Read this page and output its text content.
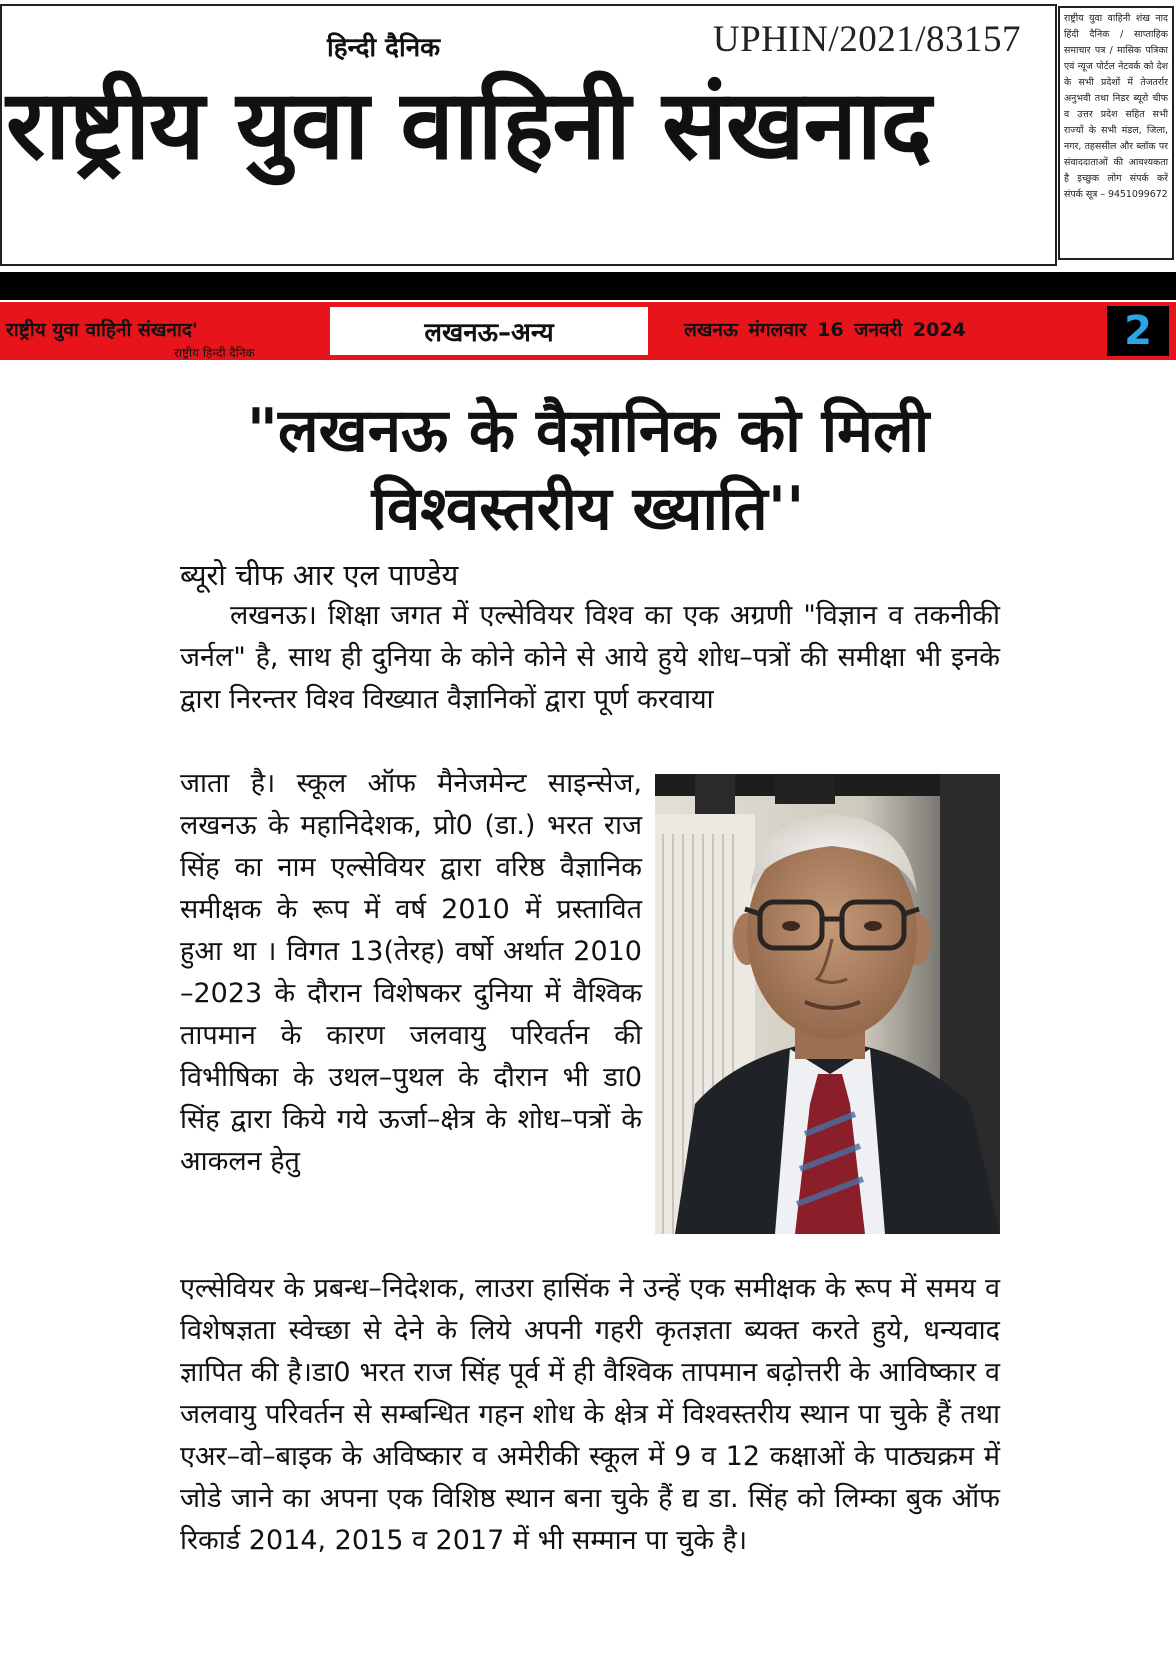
हिन्दी दैनिक	UPHIN/2021/83157
राष्ट्रीय युवा वाहिनी संखनाद
राष्ट्रीय युवा वाहिनी शंख नाद हिंदी दैनिक / साप्ताहिक समाचार पत्र / मासिक पत्रिका एवं न्यूज पोर्टल नेटवर्क को देश के सभी प्रदेशों में तेजतर्रार अनुभवी तथा निडर ब्यूरो चीफ व उत्तर प्रदेश सहित सभी राज्यों के सभी मंडल, जिला, नगर, तहससील और ब्लॉक पर संवाददाताओं की आवश्यकता है इच्छुक लोग संपर्क करें संपर्क सूत्र – 9451099672
राष्ट्रीय युवा वाहिनी संखनाद'
राष्ट्रीय हिन्दी दैनिक
लखनऊ–अन्य	लखनऊ मंगलवार 16 जनवरी 2024	2
"लखनऊ के वैज्ञानिक को मिली
विश्वस्तरीय ख्याति''
ब्यूरो चीफ आर एल पाण्डेय

लखनऊ। शिक्षा जगत में एल्सेवियर विश्व का एक अग्रणी "विज्ञान व तकनीकी जर्नल" है, साथ ही दुनिया के कोने कोने से आये हुये शोध–पत्रों की समीक्षा भी इनके द्वारा निरन्तर विश्व विख्यात वैज्ञानिकों द्वारा पूर्ण करवाया

जाता है। स्कूल ऑफ मैनेजमेन्ट साइन्सेज, लखनऊ के महानिदेशक, प्रो0 (डा.) भरत राज सिंह का नाम एल्सेवियर द्वारा वरिष्ठ वैज्ञानिक समीक्षक के रूप में वर्ष 2010 में प्रस्तावित हुआ था । विगत 13(तेरह) वर्षो अर्थात 2010 –2023 के दौरान विशेषकर दुनिया में वैश्विक तापमान के कारण जलवायु परिवर्तन की विभीषिका के उथल–पुथल के दौरान भी डा0 सिंह द्वारा किये गये ऊर्जा–क्षेत्र के शोध–पत्रों के आकलन हेतु

एल्सेवियर के प्रबन्ध–निदेशक, लाउरा हासिंक ने उन्हें एक समीक्षक के रूप में समय व विशेषज्ञता स्वेच्छा से देने के लिये अपनी गहरी कृतज्ञता ब्यक्त करते हुये, धन्यवाद ज्ञापित की है।डा0 भरत राज सिंह पूर्व में ही वैश्विक तापमान बढ़ोत्तरी के आविष्कार व जलवायु परिवर्तन से सम्बन्धित गहन शोध के क्षेत्र में विश्वस्तरीय स्थान पा चुके हैं तथा एअर–वो–बाइक के अविष्कार व अमेरीकी स्कूल में 9 व 12 कक्षाओं के पाठ्यक्रम में जोडे जाने का अपना एक विशिष्ठ स्थान बना चुके हैं द्य डा. सिंह को लिम्का बुक ऑफ रिकार्ड 2014, 2015 व 2017 में भी सम्मान पा चुके है।
